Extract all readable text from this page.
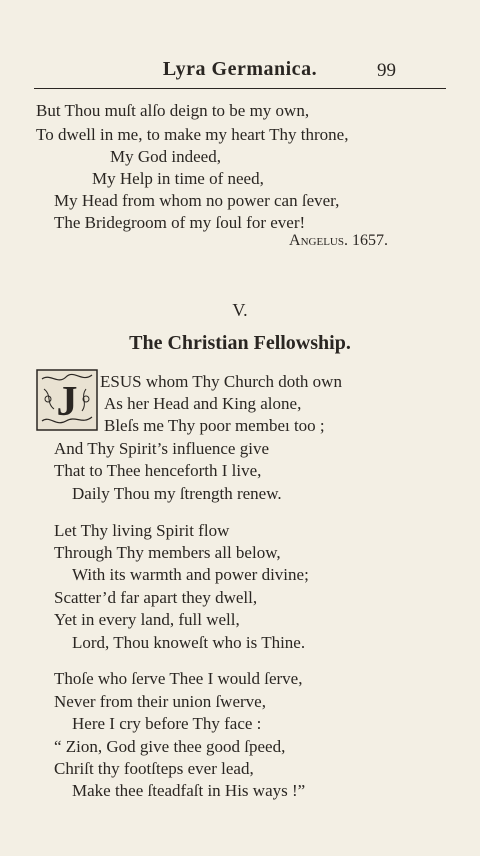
Lyra Germanica.	99
But Thou muſt alſo deign to be my own,
To dwell in me, to make my heart Thy throne,
My God indeed,
My Help in time of need,
My Head from whom no power can ſever,
The Bridegroom of my ſoul for ever!
Angelus. 1657.
V.
The Christian Fellowship.
J ESUS whom Thy Church doth own
As her Head and King alone,
Bleſs me Thy poor membeı too ;
And Thy Spirit’s influence give
That to Thee henceforth I live,
Daily Thou my ſtrength renew.
Let Thy living Spirit flow
Through Thy members all below,
With its warmth and power divine;
Scatter’d far apart they dwell,
Yet in every land, full well,
Lord, Thou knoweſt who is Thine.
Thoſe who ſerve Thee I would ſerve,
Never from their union ſwerve,
Here I cry before Thy face :
“ Zion, God give thee good ſpeed,
Chriſt thy footſteps ever lead,
Make thee ſteadfaſt in His ways !”
